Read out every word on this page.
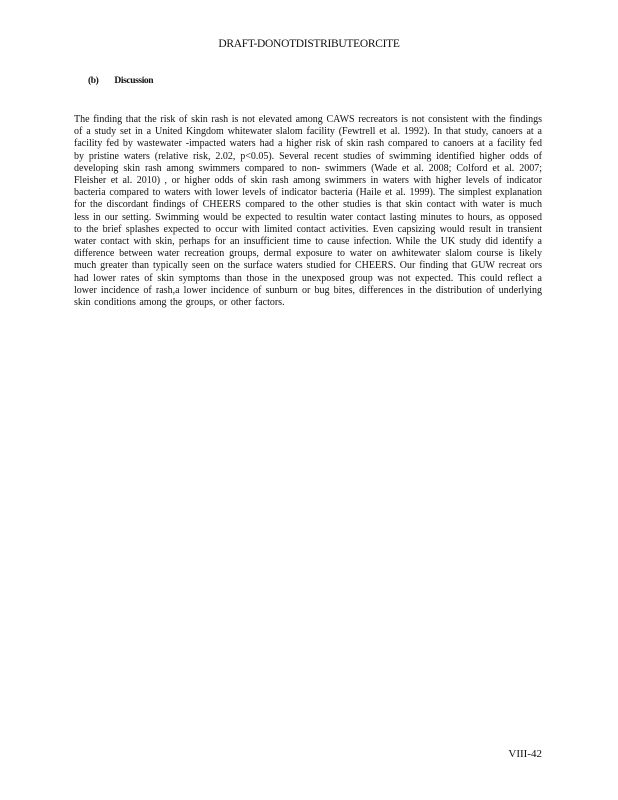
DRAFT-DONOTDISTRIBUTEORCITE
(b) Discussion

The finding that the risk of skin rash is not elevated among CAWS recreators is not consistent with the findings of a study set in a United Kingdom whitewater slalom facility (Fewtrell et al. 1992). In that study, canoers at a facility fed by wastewater -impacted waters had a higher risk of skin rash compared to canoers at a facility fed by pristine waters (relative risk, 2.02, p<0.05). Several recent studies of swimming identified higher odds of developing skin rash among swimmers compared to non- swimmers (Wade et al. 2008; Colford et al. 2007; Fleisher et al. 2010) , or higher odds of skin rash among swimmers in waters with higher levels of indicator bacteria compared to waters with lower levels of indicator bacteria (Haile et al. 1999). The simplest explanation for the discordant findings of CHEERS compared to the other studies is that skin contact with water is much less in our setting. Swimming would be expected to resultin water contact lasting minutes to hours, as opposed to the brief splashes expected to occur with limited contact activities. Even capsizing would result in transient water contact with skin, perhaps for an insufficient time to cause infection. While the UK study did identify a difference between water recreation groups, dermal exposure to water on awhitewater slalom course is likely much greater than typically seen on the surface waters studied for CHEERS. Our finding that GUW recreat ors had lower rates of skin symptoms than those in the unexposed group was not expected. This could reflect a lower incidence of rash,a lower incidence of sunburn or bug bites, differences in the distribution of underlying skin conditions among the groups, or other factors.

VIII-42
